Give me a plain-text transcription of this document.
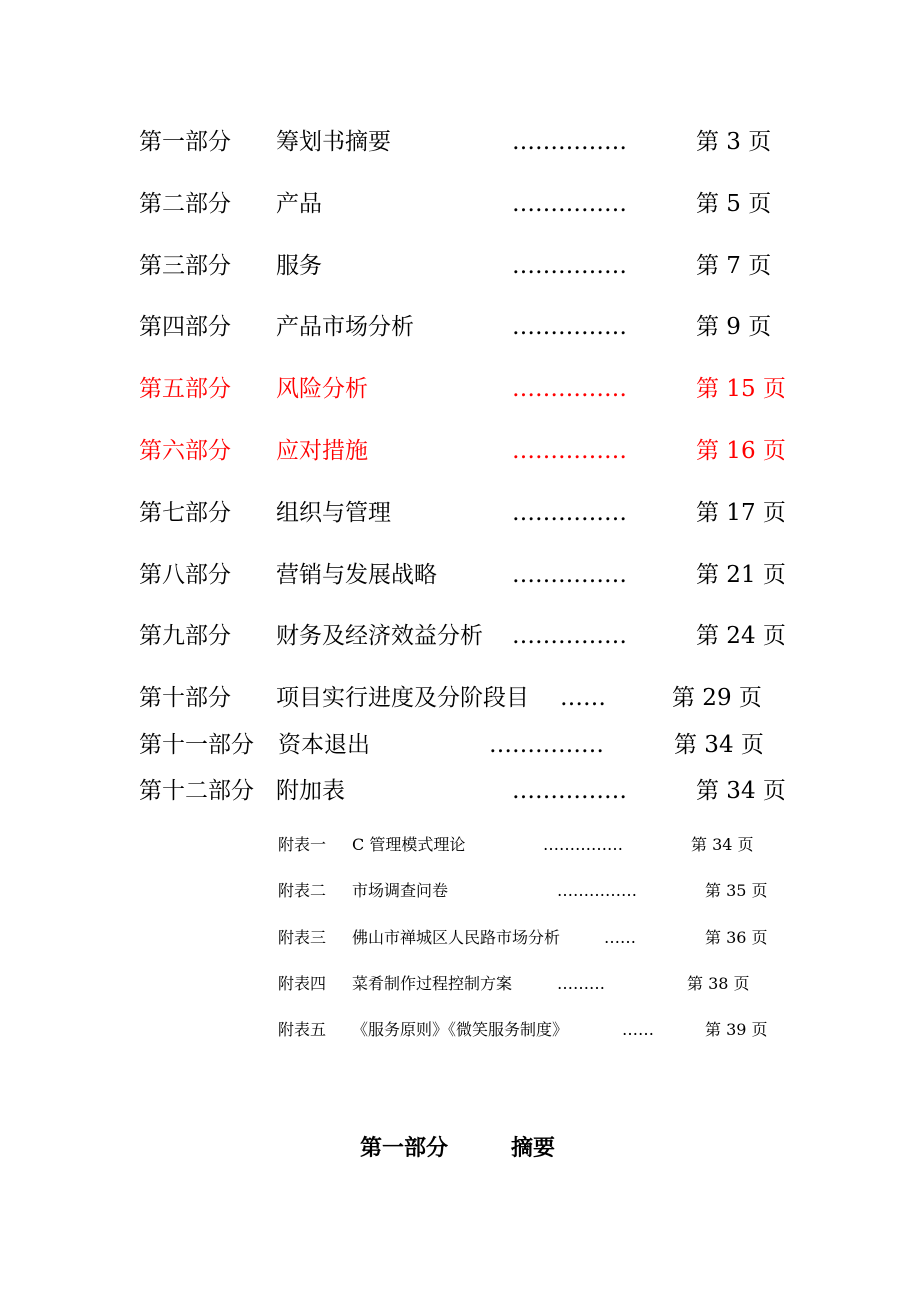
第一部分 筹划书摘要	……………	第 3 页
第二部分 产品	……………	第 5 页
第三部分 服务	……………	第 7 页
第四部分 产品市场分析	……………	第 9 页
第五部分 风险分析	……………	第 15 页
第六部分 应对措施	……………	第 16 页
第七部分 组织与管理	……………	第 17 页
第八部分 营销与发展战略	……………	第 21 页
第九部分 财务及经济效益分析 ……………	第 24 页
第十部分 项目实行进度及分阶段目 ……	第 29 页
第十一部分 资本退出	……………	第 34 页
第十二部分 附加表	……………	第 34 页
附表一 C 管理模式理论	……………	第 34 页
附表二 市场调查问卷	……………	第 35 页
附表三 佛山市禅城区人民路市场分析	……	第 36 页
附表四 菜肴制作过程控制方案	………	第 38 页
附表五 《服务原则》《微笑服务制度》	……	第 39 页
第一部分	摘要
